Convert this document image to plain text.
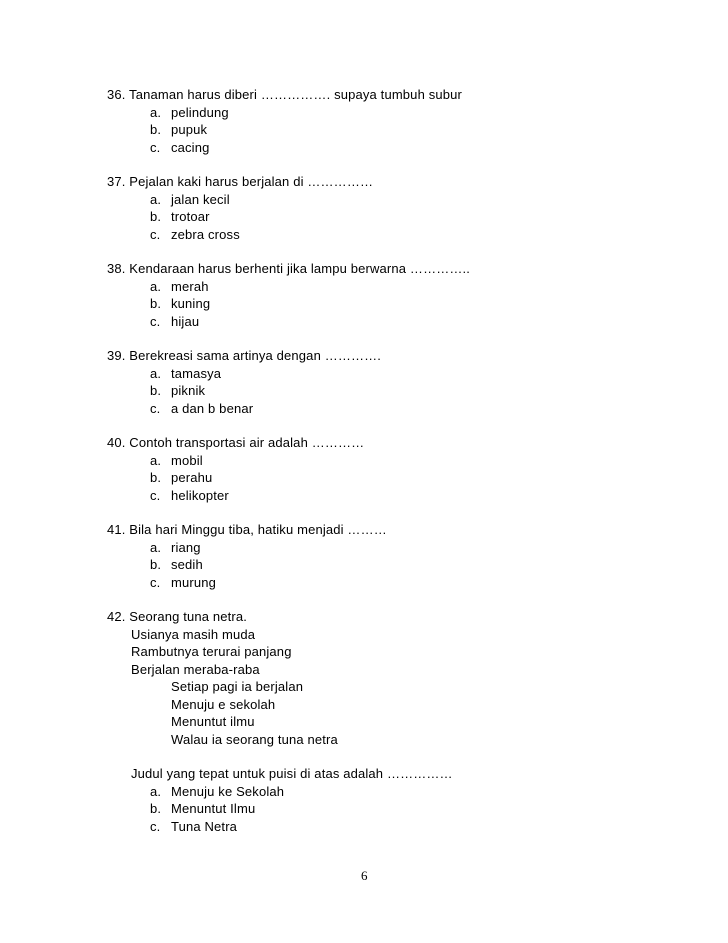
36. Tanaman harus diberi ……………. supaya tumbuh subur
a. pelindung
b. pupuk
c. cacing
37. Pejalan kaki harus berjalan di ……………
a. jalan kecil
b. trotoar
c. zebra cross
38. Kendaraan harus berhenti jika lampu berwarna …………..
a. merah
b. kuning
c. hijau
39. Berekreasi sama artinya dengan ………….
a. tamasya
b. piknik
c. a dan b benar
40. Contoh transportasi air adalah …………
a. mobil
b. perahu
c. helikopter
41. Bila hari Minggu tiba, hatiku menjadi ………
a. riang
b. sedih
c. murung
42. Seorang tuna netra.
Usianya masih muda
Rambutnya terurai panjang
Berjalan meraba-raba
Setiap pagi ia berjalan
Menuju e sekolah
Menuntut ilmu
Walau ia seorang tuna netra
Judul yang tepat untuk puisi di atas adalah ……………
a. Menuju ke Sekolah
b. Menuntut Ilmu
c. Tuna Netra
6
